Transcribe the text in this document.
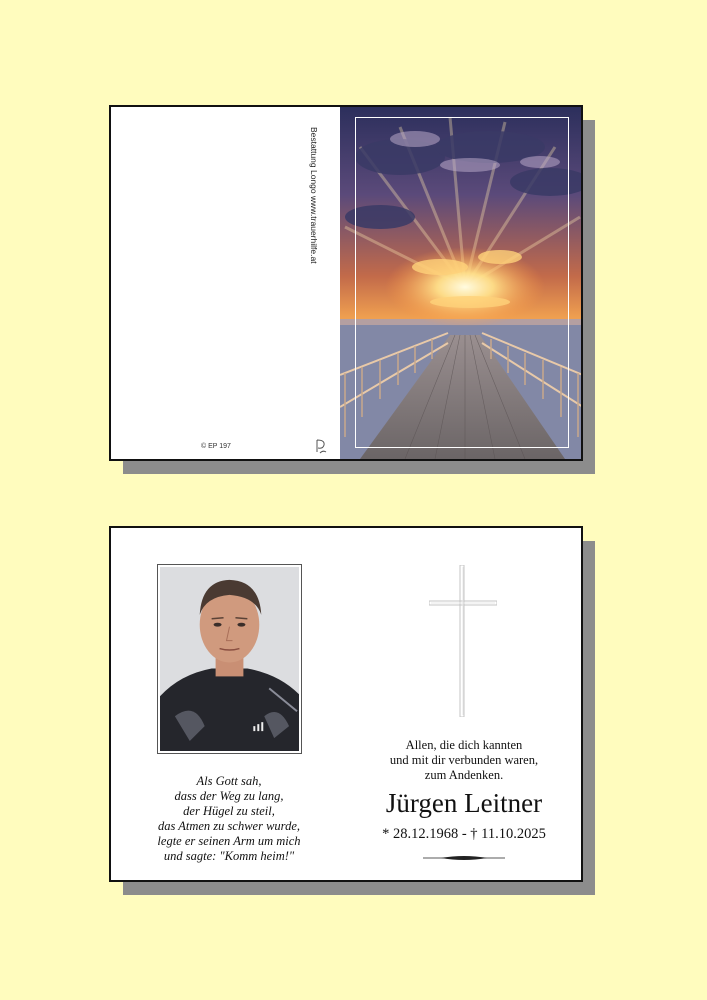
Bestattung Longo www.trauerhilfe.at
© EP 197
Als Gott sah,
dass der Weg zu lang,
der Hügel zu steil,
das Atmen zu schwer wurde,
legte er seinen Arm um mich
und sagte: "Komm heim!"
Allen, die dich kannten
und mit dir verbunden waren,
zum Andenken.
Jürgen Leitner
* 28.12.1968 - † 11.10.2025
